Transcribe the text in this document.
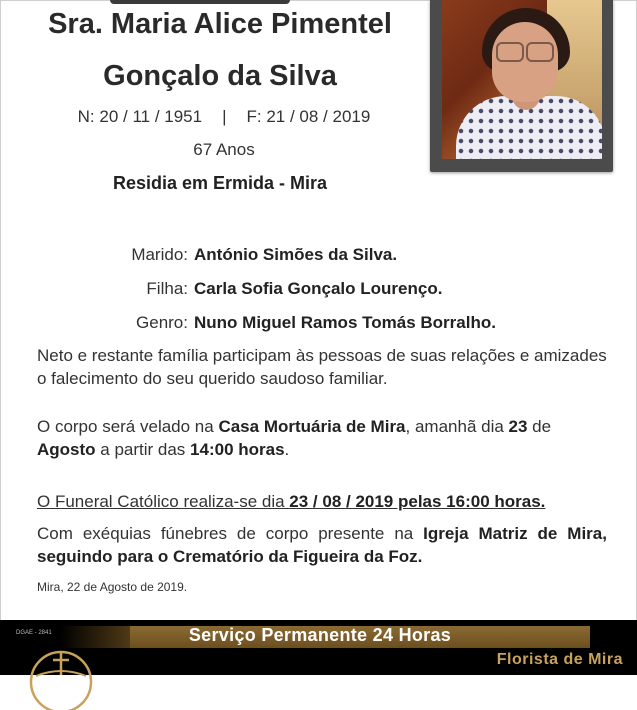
Sra. Maria Alice Pimentel
Gonçalo da Silva
N: 20 / 11 / 1951 | F: 21 / 08 / 2019
67 Anos
Residia em Ermida - Mira
Marido: António Simões da Silva.
Filha: Carla Sofia Gonçalo Lourenço.
Genro: Nuno Miguel Ramos Tomás Borralho.
Neto e restante família participam às pessoas de suas relações e amizades o falecimento do seu querido saudoso familiar.
O corpo será velado na Casa Mortuária de Mira, amanhã dia 23 de Agosto a partir das 14:00 horas.
O Funeral Católico realiza-se dia 23 / 08 / 2019 pelas 16:00 horas.
Com exéquias fúnebres de corpo presente na Igreja Matriz de Mira, seguindo para o Crematório da Figueira da Foz.
Mira, 22 de Agosto de 2019.
DGAE - 2841	Serviço Permanente 24 Horas
Florista de Mira
